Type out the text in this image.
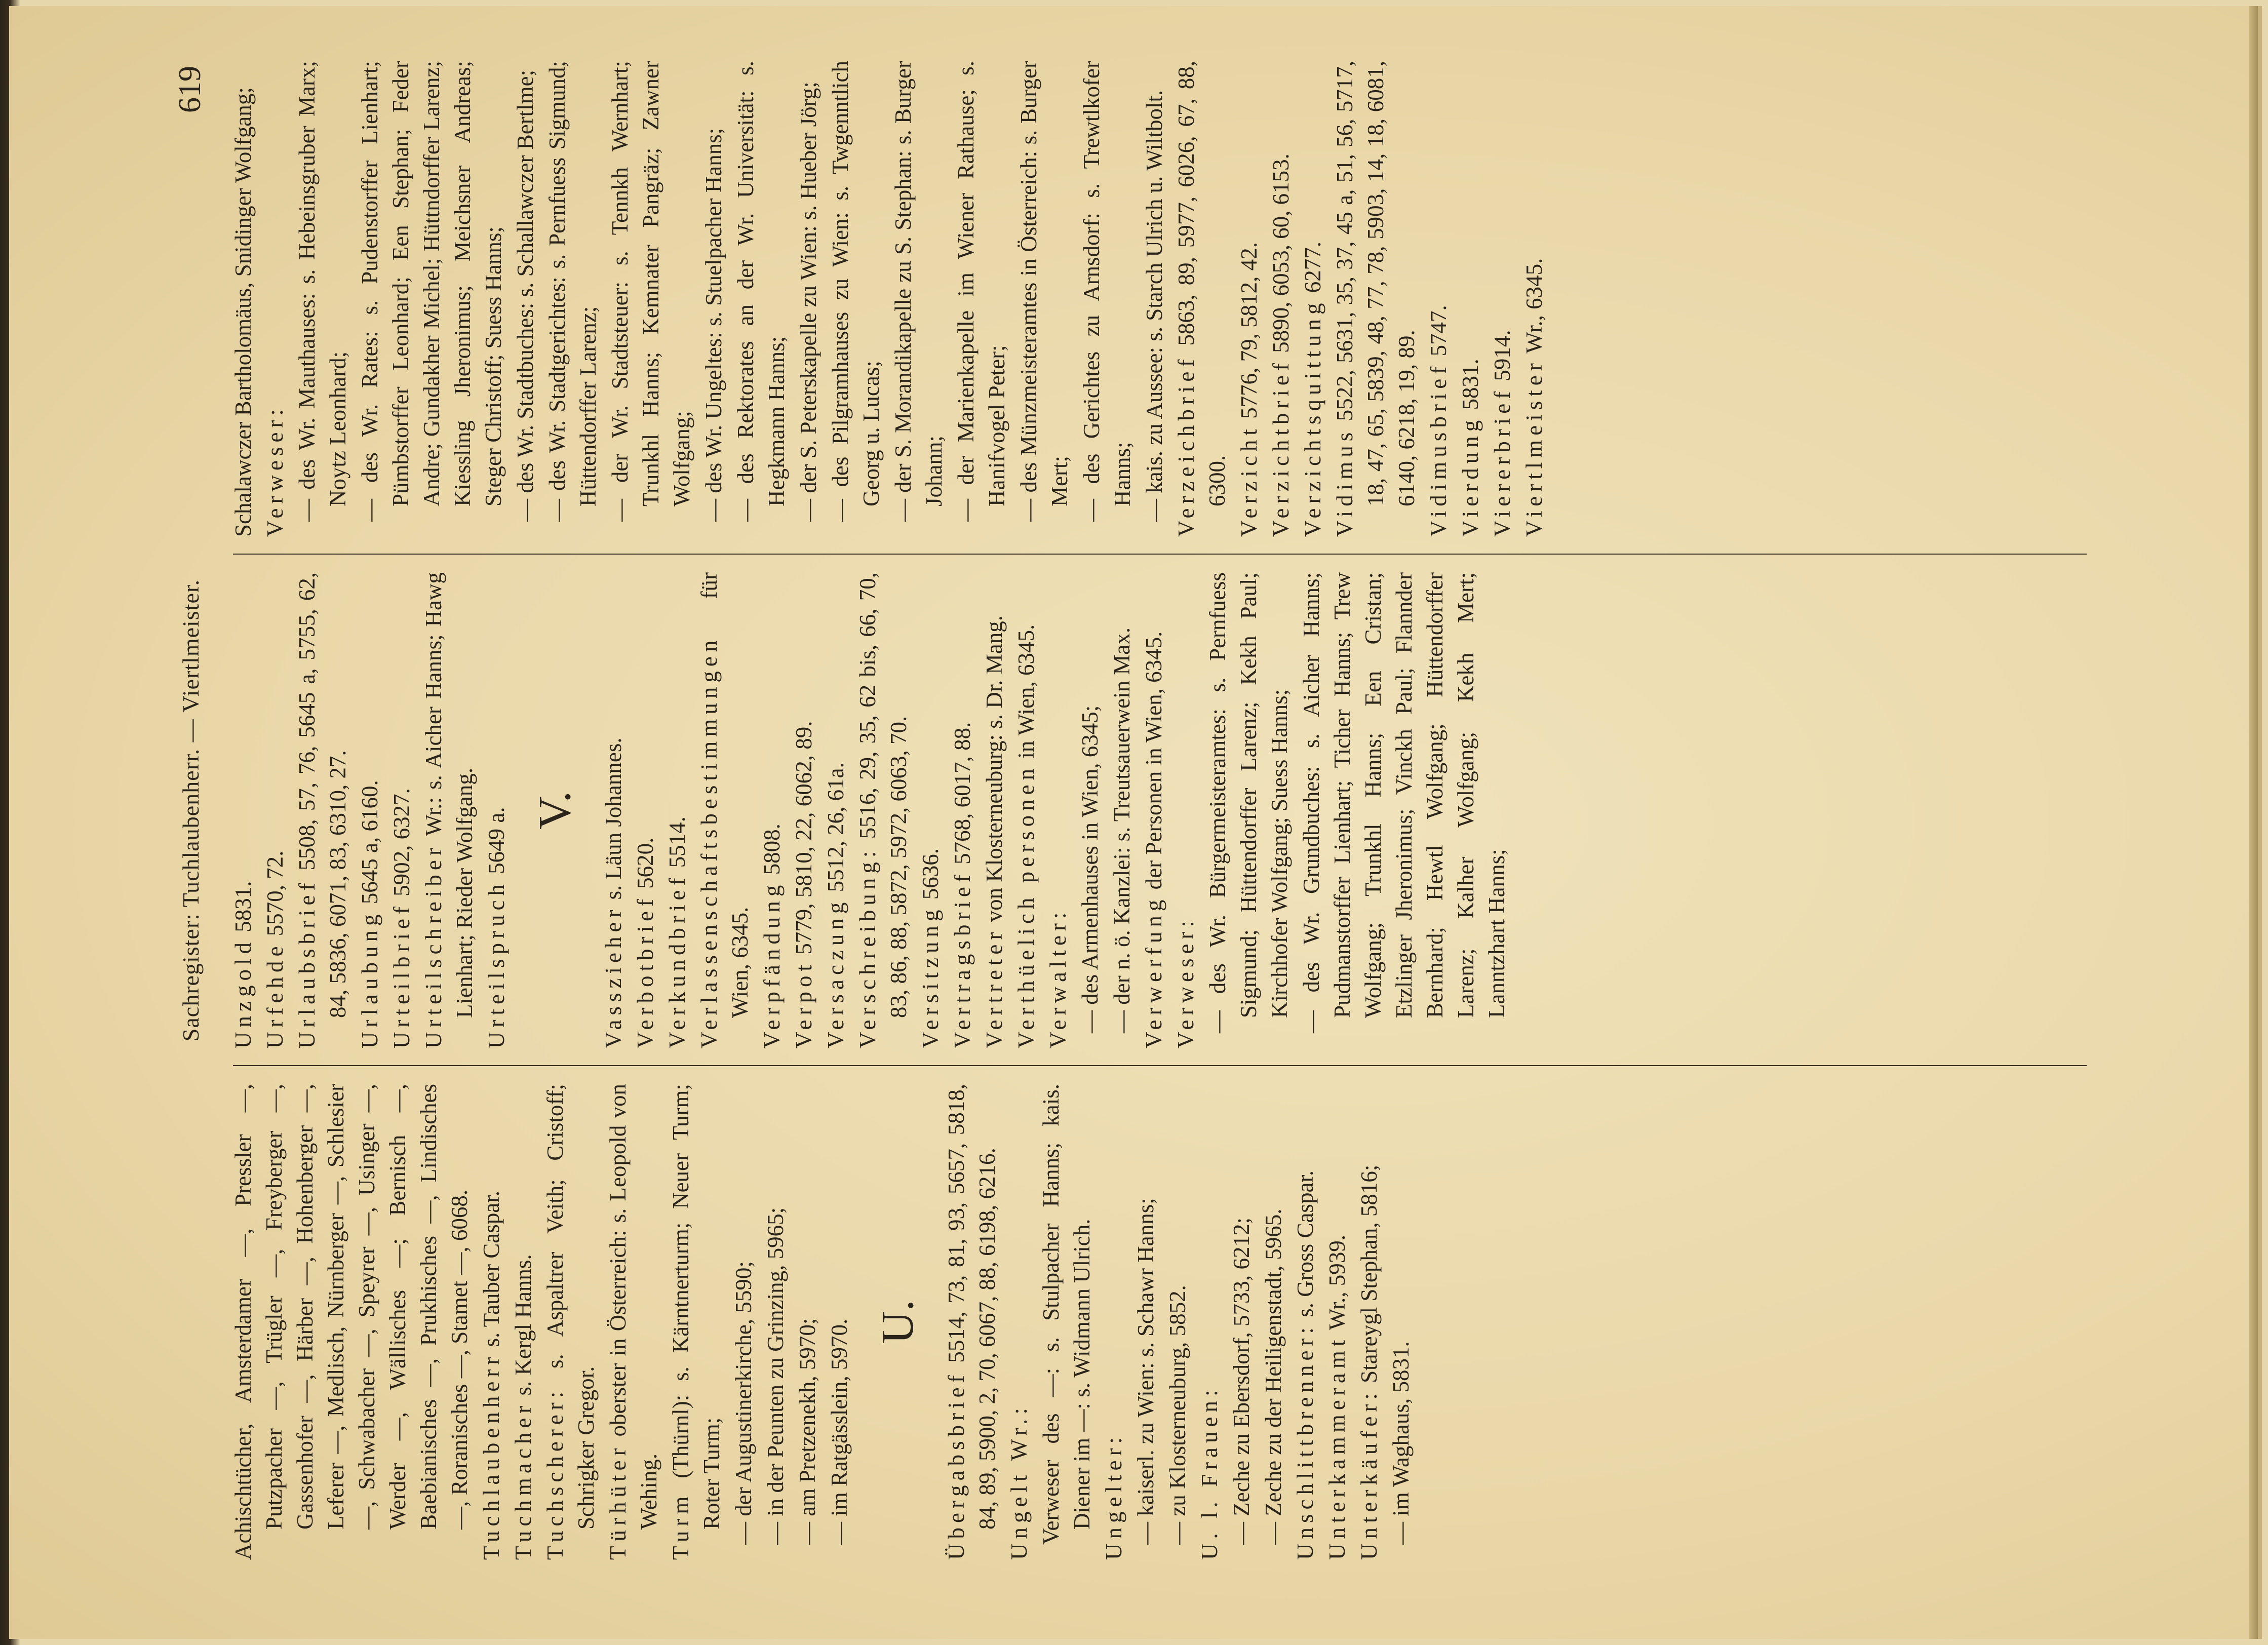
Sachregister: Tuchlaubenherr. — Viertlmeister.
619
Achischtücher, Amsterdamer —, Pressler —, Putzpacher —, Trügler —, Freyberger —, Gassenhofer —, Härber —, Hohenberger —, Leferer —, Medlisch, Nürnberger —, Schlesier —, Schwabacher —, Speyrer —, Usinger —, Werder —, Wällisches —; Bernisch —, Baebianisches —, Prukhisches —, Lindisches —, Roranisches —, Stamet —, 6068. Tuchlaubenherr s. Tauber Caspar.
Tuchmacher s. Kergl Hanns.
Tuchscherer: s. Aspaltrer Veith; Cristoff; Schrigker Gregor. Türhüter oberster in Österreich: s. Leopold von Wehing. Turm (Thürnl): s. Kärntnerturm; Neuer Turm; Roter Turm; — der Augustinerkirche, 5590; — in der Peunten zu Grinzing, 5965; — am Pretzenekh, 5970; — im Ratgässlein, 5970. U.
Übergabsbrief 5514, 73, 81, 93, 5657, 5818, 84, 89, 5900, 2, 70, 6067, 88, 6198, 6216. Ungelt Wr.: Verweser des —: s. Stulpacher Hanns; kais. Diener im —: s. Widmann Ulrich. Ungelter: — kaiserl. zu Wien: s. Schawr Hanns; — zu Klosterneuburg, 5852. U. l. Frauen: — Zeche zu Ebersdorf, 5733, 6212; — Zeche zu der Heiligenstadt, 5965. Unschlittbrenner: s. Gross Caspar.
Unterkammeramt Wr., 5939.
Unterkäufer: Stareygl Stephan, 5816;
— im Waghaus, 5831.
Unzgold 5831.
Urfehde 5570, 72. Urlaubsbrief 5508, 57, 76, 5645 a, 5755, 62, 84, 5836, 6071, 83, 6310, 27. Urlaubung 5645 a, 6160.
Urteilbrief 5902, 6327. Urteilschreiber Wr.: s. Aicher Hanns; Hawg Lienhart; Rieder Wolfgang. Urteilspruch 5649 a. V.
Vasszieher s. Läun Johannes.
Verbotbrief 5620.
Verkundbrief 5514. Verlassenschaftsbestimmungen für Wien, 6345. Verpfändung 5808.
Verpot 5779, 5810, 22, 6062, 89.
Versaczung 5512, 26, 61a.
Verschreibung: 5516, 29, 35, 62 bis, 66, 70, 83, 86, 88, 5872, 5972, 6063, 70. Versitzung 5636. Vertragsbrief 5768, 6017, 88.
Vertreter von Klosterneuburg: s. Dr. Mang. Verthüelich personen in Wien, 6345.
Verwalter: — des Armenhauses in Wien, 6345; — der n. ö. Kanzlei: s. Treutsauerwein Max. Verwerfung der Personen in Wien, 6345.
Verweser: — des Wr. Bürgermeisteramtes: s. Pernfuess Sigmund; Hüttendorffer Larenz; Kekh Paul; Kirchhofer Wolfgang; Suess Hanns; — des Wr. Grundbuches: s. Aicher Hanns; Pudmanstorffer Lienhart; Ticher Hanns; Trew Wolfgang; Trunkhl Hanns; Een Cristan; Etzlinger Jheronimus; Vinckh Paul; Flannder Bernhard; Hewtl Wolfgang; Hüttendorffer Larenz; Kalher Wolfgang; Kekh Mert; Lanntzhart Hanns;
Schalawczer Bartholomäus, Snidinger Wolfgang; Verweser: — des Wr. Mauthauses: s. Hebeinsgruber Marx; Noytz Leonhard; — des Wr. Rates: s. Pudenstorffer Lienhart; Pümbstorffer Leonhard; Een Stephan; Feder Andre; Gundakher Michel; Hüttndorffer Larenz; Kiessling Jheronimus; Meichsner Andreas; Steger Christoff; Suess Hanns; — des Wr. Stadtbuches: s. Schallawczer Bertlme; — des Wr. Stadtgerichtes: s. Pernfuess Sigmund; Hüttendorffer Larenz; — der Wr. Stadtsteuer: s. Tennkh Wernhart; Trunkhl Hanns; Kemnater Pangräz; Zawner Wolfgang; — des Wr. Ungeltes: s. Stuelpacher Hanns; — des Rektorates an der Wr. Universität: s. Hegkmann Hanns; — der S. Peterskapelle zu Wien: s. Hueber Jörg; — des Pilgramhauses zu Wien: s. Twgenntlich Georg u. Lucas; — der S. Morandikapelle zu S. Stephan: s. Burger Johann; — der Marienkapelle im Wiener Rathause; s. Hanifvogel Peter; — des Münzmeisteramtes in Österreich: s. Burger Mert; — des Gerichtes zu Arnsdorf: s. Trewtlkofer Hanns; — kais. zu Aussee: s. Starch Ulrich u. Wiltbolt. Verzeichbrief 5863, 89, 5977, 6026, 67, 88, 6300. Verzicht 5776, 79, 5812, 42.
Verzichtbrief 5890, 6053, 60, 6153.
Verzichtsquittung 6277.
Vidimus 5522, 5631, 35, 37, 45 a, 51, 56, 5717, 18, 47, 65, 5839, 48, 77, 78, 5903, 14, 18, 6081, 6140, 6218, 19, 89. Vidimusbrief 5747.
Vierdung 5831. Viererbrief 5914.
Viertlmeister Wr., 6345.
